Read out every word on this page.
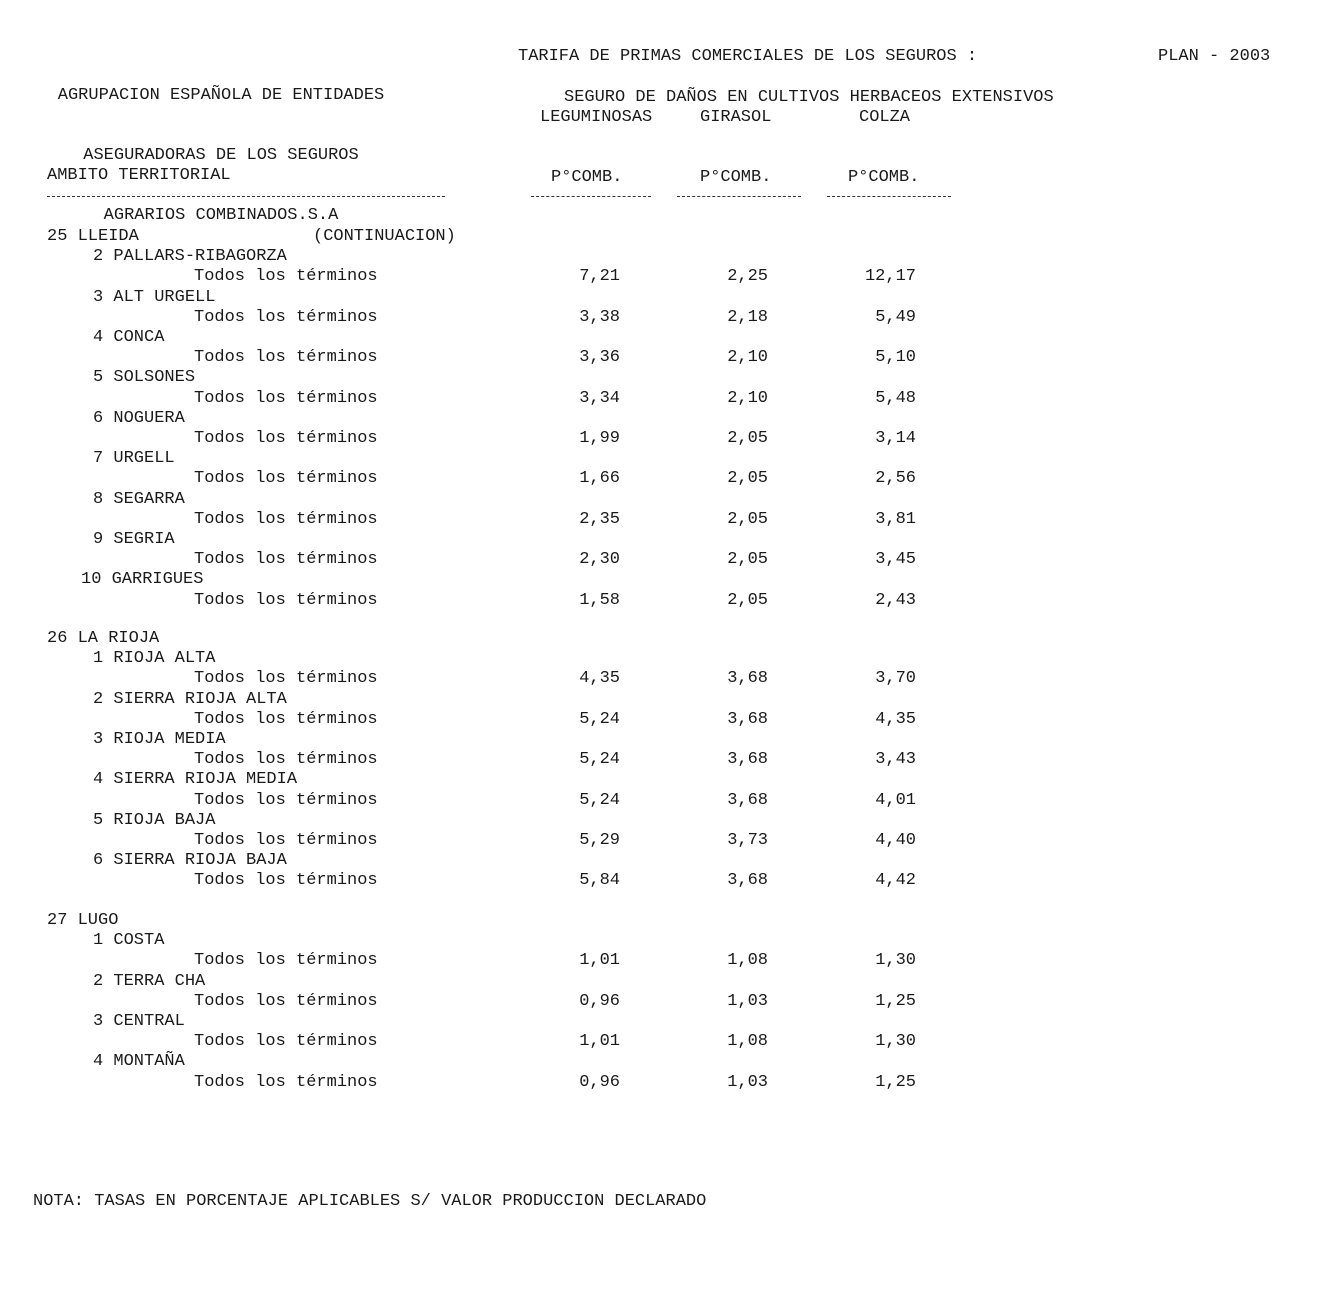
AGRUPACION ESPAÑOLA DE ENTIDADES

ASEGURADORAS DE LOS SEGUROS

AGRARIOS COMBINADOS.S.A

TARIFA DE PRIMAS COMERCIALES DE LOS SEGUROS :	PLAN - 2003
SEGURO DE DAÑOS EN CULTIVOS HERBACEOS EXTENSIVOS
LEGUMINOSAS	GIRASOL	COLZA
AMBITO TERRITORIAL	P°COMB.	P°COMB.	P°COMB.
25 LLEIDA	(CONTINUACION)
2 PALLARS-RIBAGORZA
Todos los términos	7,21	2,25	12,17
3 ALT URGELL
Todos los términos	3,38	2,18	5,49
4 CONCA
Todos los términos	3,36	2,10	5,10
5 SOLSONES
Todos los términos	3,34	2,10	5,48
6 NOGUERA
Todos los términos	1,99	2,05	3,14
7 URGELL
Todos los términos	1,66	2,05	2,56
8 SEGARRA
Todos los términos	2,35	2,05	3,81
9 SEGRIA
Todos los términos	2,30	2,05	3,45
10 GARRIGUES
Todos los términos	1,58	2,05	2,43
26 LA RIOJA
1 RIOJA ALTA
Todos los términos	4,35	3,68	3,70
2 SIERRA RIOJA ALTA
Todos los términos	5,24	3,68	4,35
3 RIOJA MEDIA
Todos los términos	5,24	3,68	3,43
4 SIERRA RIOJA MEDIA
Todos los términos	5,24	3,68	4,01
5 RIOJA BAJA
Todos los términos	5,29	3,73	4,40
6 SIERRA RIOJA BAJA
Todos los términos	5,84	3,68	4,42
27 LUGO
1 COSTA
Todos los términos	1,01	1,08	1,30
2 TERRA CHA
Todos los términos	0,96	1,03	1,25
3 CENTRAL
Todos los términos	1,01	1,08	1,30
4 MONTAÑA
Todos los términos	0,96	1,03	1,25
NOTA: TASAS EN PORCENTAJE APLICABLES S/ VALOR PRODUCCION DECLARADO
